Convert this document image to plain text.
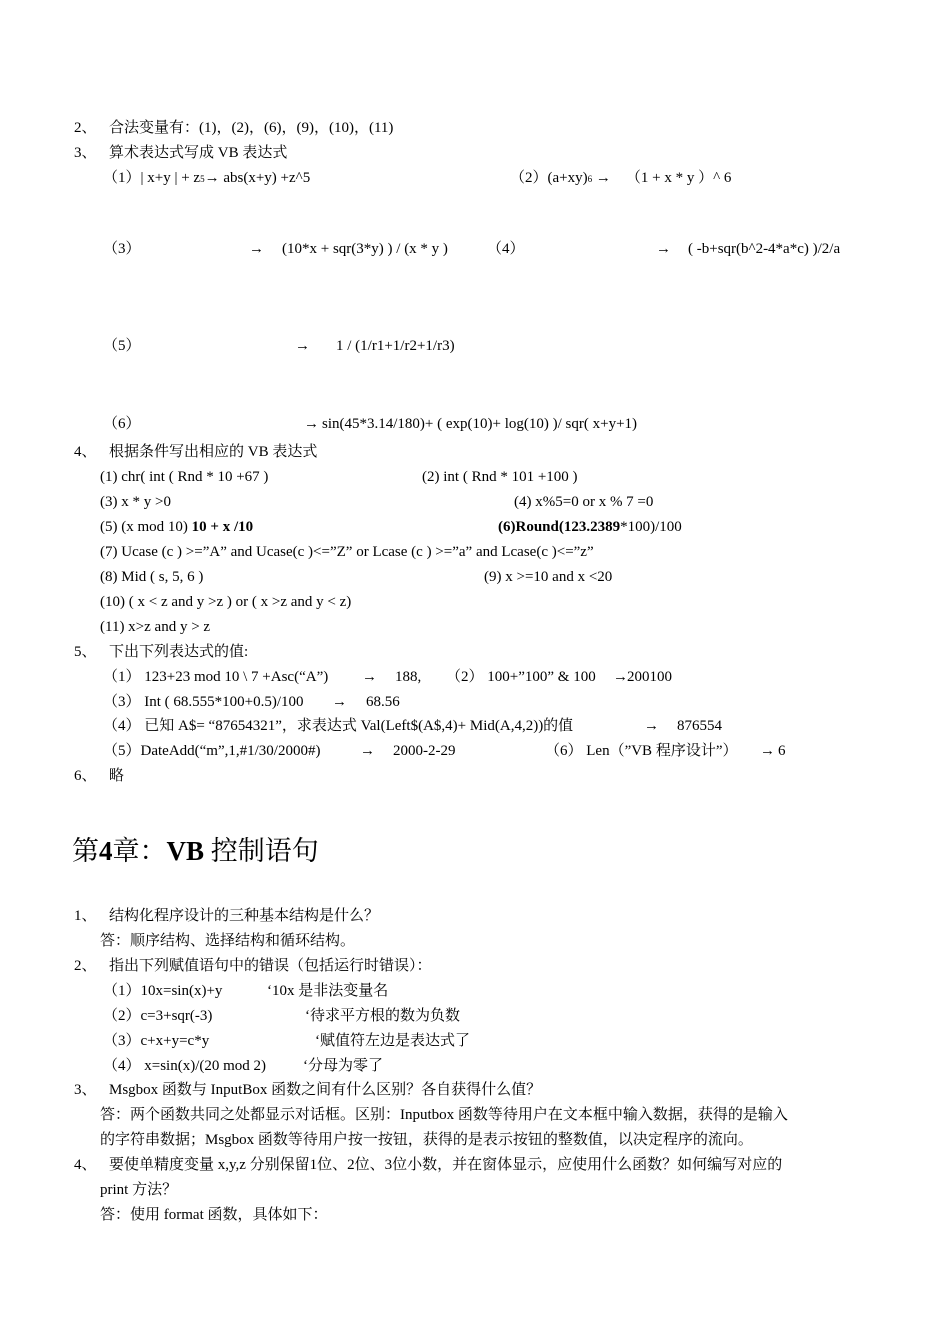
2、 合法变量有：(1)，(2)，(6)，(9)，(10)，(11)
3、 算术表达式写成 VB 表达式
（1）| x+y | + z5→ abs(x+y) +z^5	（2）(a+xy)6 → （1 + x * y ）^ 6
（3）	→ (10*x + sqr(3*y) ) / (x * y )	（4）	→ ( -b+sqr(b^2-4*a*c) )/2/a
（5）	→ 1 / (1/r1+1/r2+1/r3)
（6）	→ sin(45*3.14/180)+ ( exp(10)+ log(10) )/ sqr( x+y+1)
4、 根据条件写出相应的 VB 表达式
(1) chr( int ( Rnd * 10 +67 )	(2) int ( Rnd * 101 +100 )
(3) x * y >0	(4) x%5=0 or x % 7 =0
(5) (x mod 10) 10 + x /10	(6)Round(123.2389*100)/100
(7) Ucase (c ) >=”A” and Ucase(c )<=”Z” or Lcase (c ) >=”a” and Lcase(c )<=”z”
(8) Mid ( s, 5, 6 )	(9) x >=10 and x <20
(10) ( x < z and y >z ) or ( x >z and y < z)
(11) x>z and y > z
5、 下出下列表达式的值:
（1） 123+23 mod 10 \ 7 +Asc(“A”) → 188, （2） 100+”100” & 100 → 200100
（3） Int ( 68.555*100+0.5)/100 → 68.56
（4） 已知 A$= “87654321”，求表达式 Val(Left$(A$,4)+ Mid(A,4,2))的值	→ 876554
（5）DateAdd(“m”,1,#1/30/2000#)	→ 2000-2-29	（6） Len（”VB 程序设计”） → 6
6、 略
第4章：VB 控制语句
1、 结构化程序设计的三种基本结构是什么？
答：顺序结构、选择结构和循环结构。
2、 指出下列赋值语句中的错误（包括运行时错误）：
（1）10x=sin(x)+y	‘10x 是非法变量名
（2）c=3+sqr(-3)	‘待求平方根的数为负数
（3）c+x+y=c*y	‘赋值符左边是表达式了
（4） x=sin(x)/(20 mod 2) ‘分母为零了
3、 Msgbox 函数与 InputBox 函数之间有什么区别？各自获得什么值？
答：两个函数共同之处都显示对话框。区别：Inputbox 函数等待用户在文本框中输入数据，获得的是输入
的字符串数据；Msgbox 函数等待用户按一按钮，获得的是表示按钮的整数值，以决定程序的流向。
4、 要使单精度变量 x,y,z 分别保留1位、2位、3位小数，并在窗体显示，应使用什么函数？如何编写对应的
print 方法？
答：使用 format 函数，具体如下：
